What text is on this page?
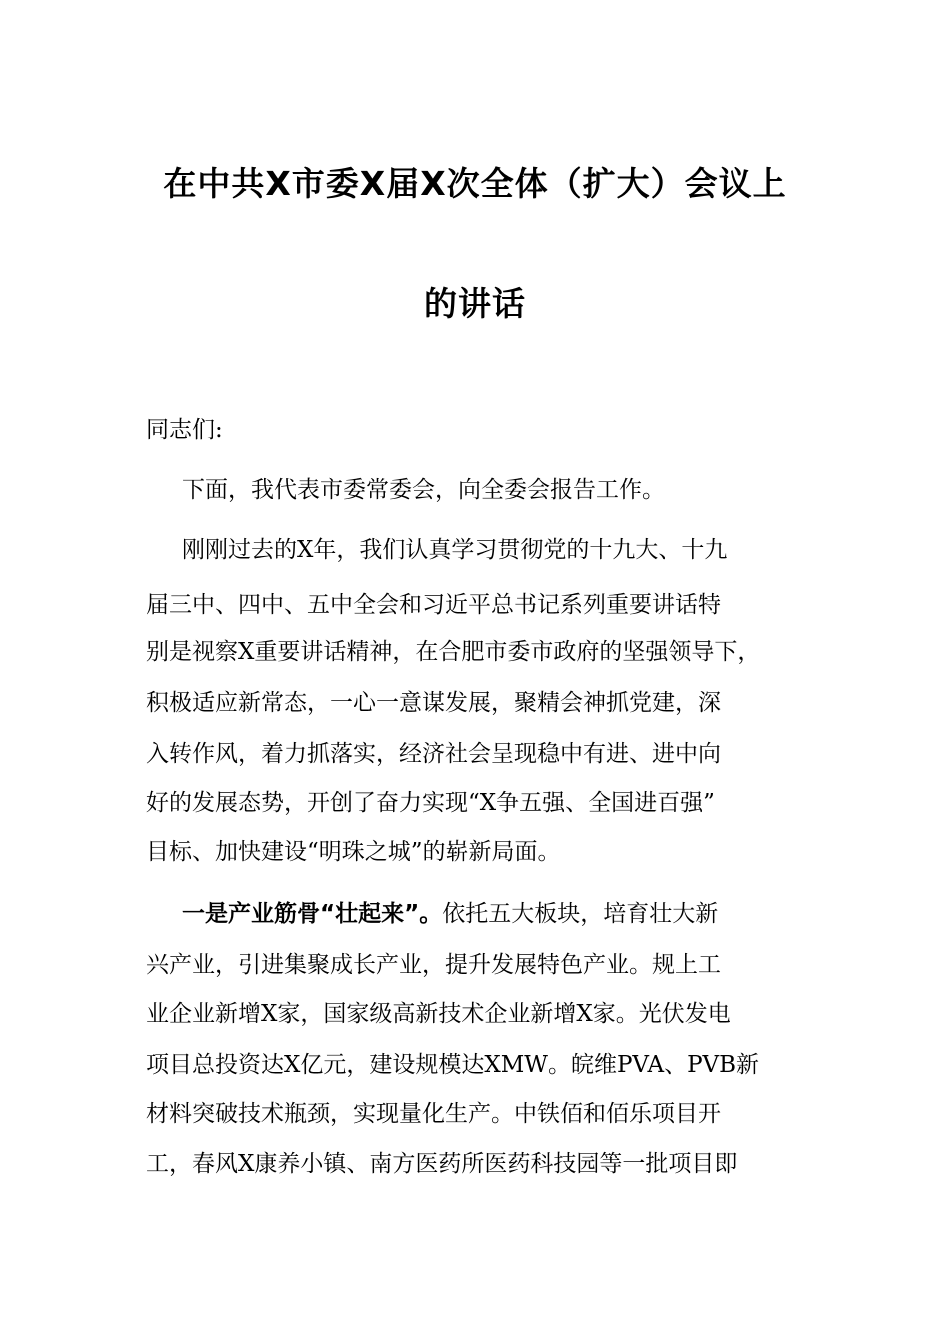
在中共X市委X届X次全体（扩大）会议上
的讲话
同志们:
下面，我代表市委常委会，向全委会报告工作。
刚刚过去的X年，我们认真学习贯彻党的十九大、十九
届三中、四中、五中全会和习近平总书记系列重要讲话特
别是视察X重要讲话精神，在合肥市委市政府的坚强领导下，
积极适应新常态，一心一意谋发展，聚精会神抓党建，深
入转作风，着力抓落实，经济社会呈现稳中有进、进中向
好的发展态势，开创了奋力实现“X争五强、全国进百强”
目标、加快建设“明珠之城”的崭新局面。
一是产业筋骨“壮起来”。依托五大板块，培育壮大新
兴产业，引进集聚成长产业，提升发展特色产业。规上工
业企业新增X家，国家级高新技术企业新增X家。光伏发电
项目总投资达X亿元，建设规模达XMW。皖维PVA、PVB新
材料突破技术瓶颈，实现量化生产。中铁佰和佰乐项目开
工，春风X康养小镇、南方医药所医药科技园等一批项目即
